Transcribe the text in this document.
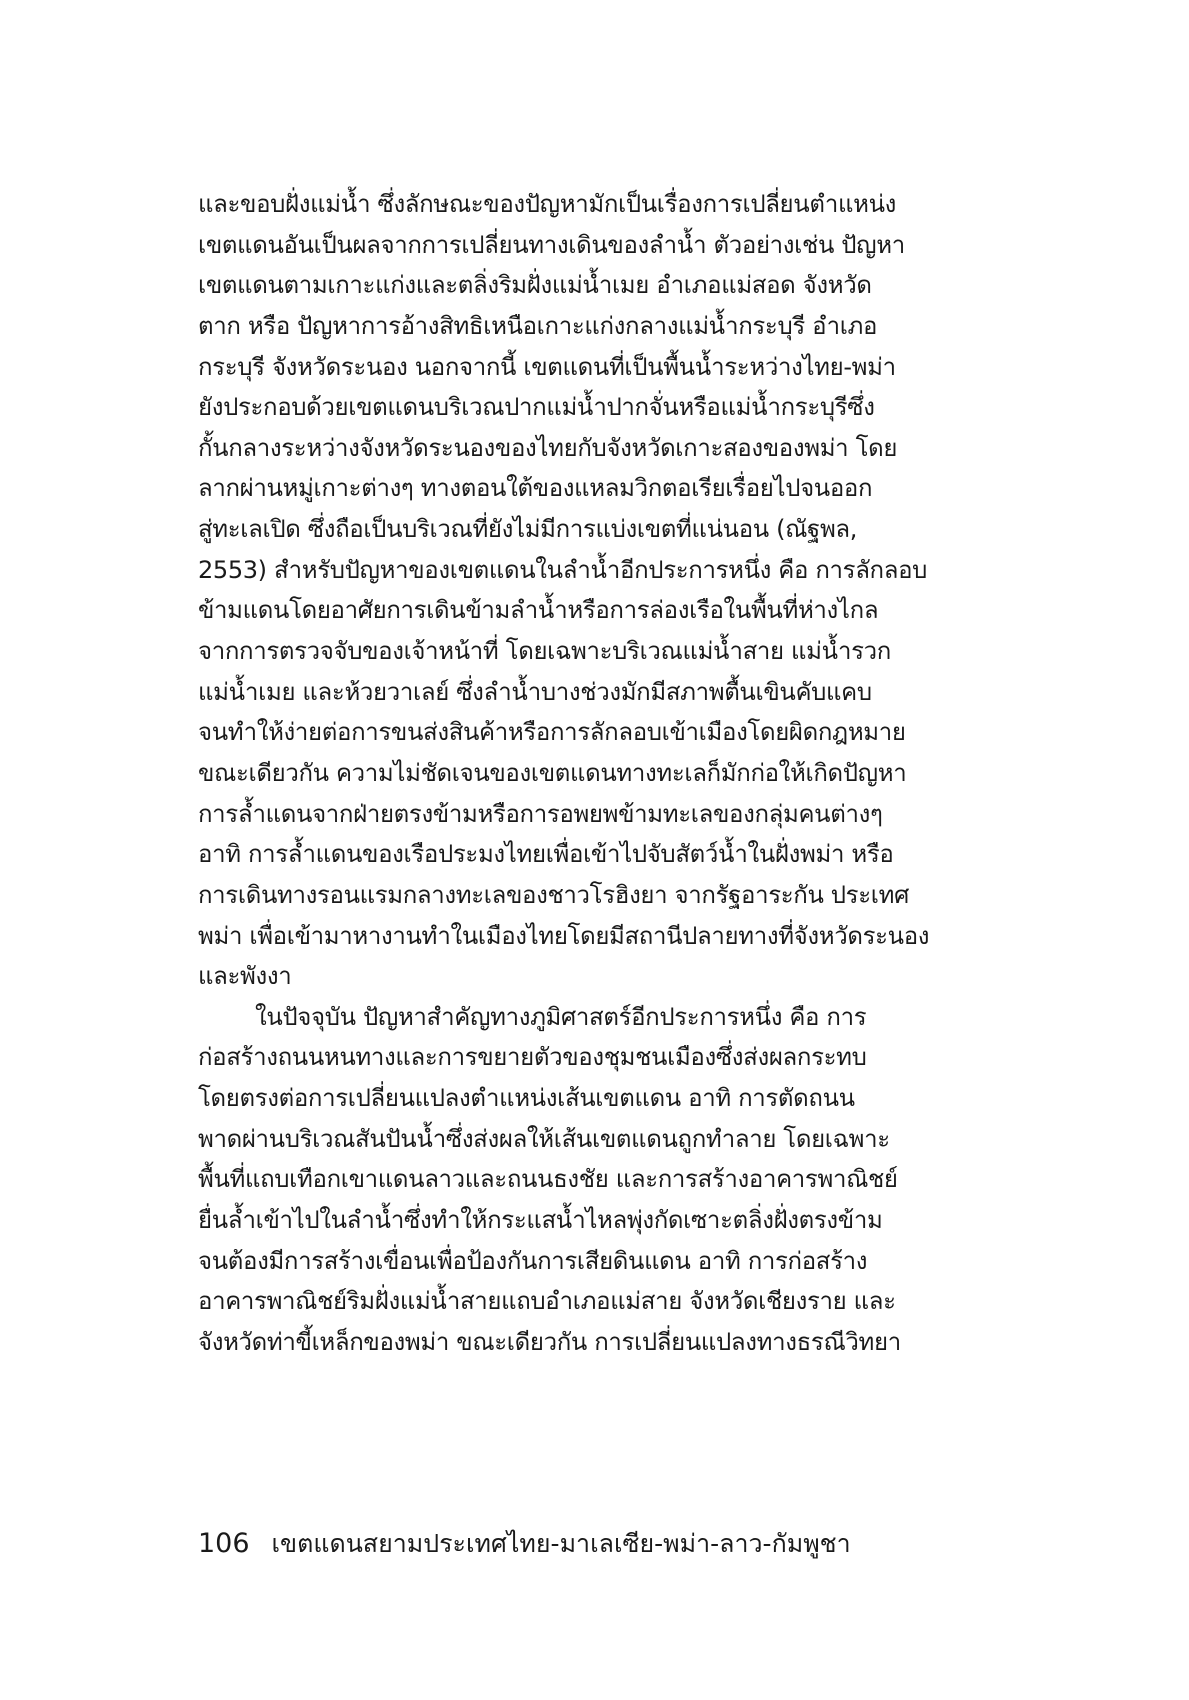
และขอบฝั่งแม่น้ำ ซึ่งลักษณะของปัญหามักเป็นเรื่องการเปลี่ยนตำแหน่ง
เขตแดนอันเป็นผลจากการเปลี่ยนทางเดินของลำน้ำ ตัวอย่างเช่น ปัญหา
เขตแดนตามเกาะแก่งและตลิ่งริมฝั่งแม่น้ำเมย อำเภอแม่สอด จังหวัด
ตาก หรือ ปัญหาการอ้างสิทธิเหนือเกาะแก่งกลางแม่น้ำกระบุรี อำเภอ
กระบุรี จังหวัดระนอง นอกจากนี้ เขตแดนที่เป็นพื้นน้ำระหว่างไทย-พม่า
ยังประกอบด้วยเขตแดนบริเวณปากแม่น้ำปากจั่นหรือแม่น้ำกระบุรีซึ่ง
กั้นกลางระหว่างจังหวัดระนองของไทยกับจังหวัดเกาะสองของพม่า โดย
ลากผ่านหมู่เกาะต่างๆ ทางตอนใต้ของแหลมวิกตอเรียเรื่อยไปจนออก
สู่ทะเลเปิด ซึ่งถือเป็นบริเวณที่ยังไม่มีการแบ่งเขตที่แน่นอน (ณัฐพล,
2553) สำหรับปัญหาของเขตแดนในลำน้ำอีกประการหนึ่ง คือ การลักลอบ
ข้ามแดนโดยอาศัยการเดินข้ามลำน้ำหรือการล่องเรือในพื้นที่ห่างไกล
จากการตรวจจับของเจ้าหน้าที่ โดยเฉพาะบริเวณแม่น้ำสาย แม่น้ำรวก
แม่น้ำเมย และห้วยวาเลย์ ซึ่งลำน้ำบางช่วงมักมีสภาพตื้นเขินคับแคบ
จนทำให้ง่ายต่อการขนส่งสินค้าหรือการลักลอบเข้าเมืองโดยผิดกฎหมาย
ขณะเดียวกัน ความไม่ชัดเจนของเขตแดนทางทะเลก็มักก่อให้เกิดปัญหา
การล้ำแดนจากฝ่ายตรงข้ามหรือการอพยพข้ามทะเลของกลุ่มคนต่างๆ
อาทิ การล้ำแดนของเรือประมงไทยเพื่อเข้าไปจับสัตว์น้ำในฝั่งพม่า หรือ
การเดินทางรอนแรมกลางทะเลของชาวโรฮิงยา จากรัฐอาระกัน ประเทศ
พม่า เพื่อเข้ามาหางานทำในเมืองไทยโดยมีสถานีปลายทางที่จังหวัดระนอง
และพังงา
ในปัจจุบัน ปัญหาสำคัญทางภูมิศาสตร์อีกประการหนึ่ง คือ การ
ก่อสร้างถนนหนทางและการขยายตัวของชุมชนเมืองซึ่งส่งผลกระทบ
โดยตรงต่อการเปลี่ยนแปลงตำแหน่งเส้นเขตแดน อาทิ การตัดถนน
พาดผ่านบริเวณสันปันน้ำซึ่งส่งผลให้เส้นเขตแดนถูกทำลาย โดยเฉพาะ
พื้นที่แถบเทือกเขาแดนลาวและถนนธงชัย และการสร้างอาคารพาณิชย์
ยื่นล้ำเข้าไปในลำน้ำซึ่งทำให้กระแสน้ำไหลพุ่งกัดเซาะตลิ่งฝั่งตรงข้าม
จนต้องมีการสร้างเขื่อนเพื่อป้องกันการเสียดินแดน อาทิ การก่อสร้าง
อาคารพาณิชย์ริมฝั่งแม่น้ำสายแถบอำเภอแม่สาย จังหวัดเชียงราย และ
จังหวัดท่าขี้เหล็กของพม่า ขณะเดียวกัน การเปลี่ยนแปลงทางธรณีวิทยา
106 เขตแดนสยามประเทศไทย-มาเลเซีย-พม่า-ลาว-กัมพูชา
